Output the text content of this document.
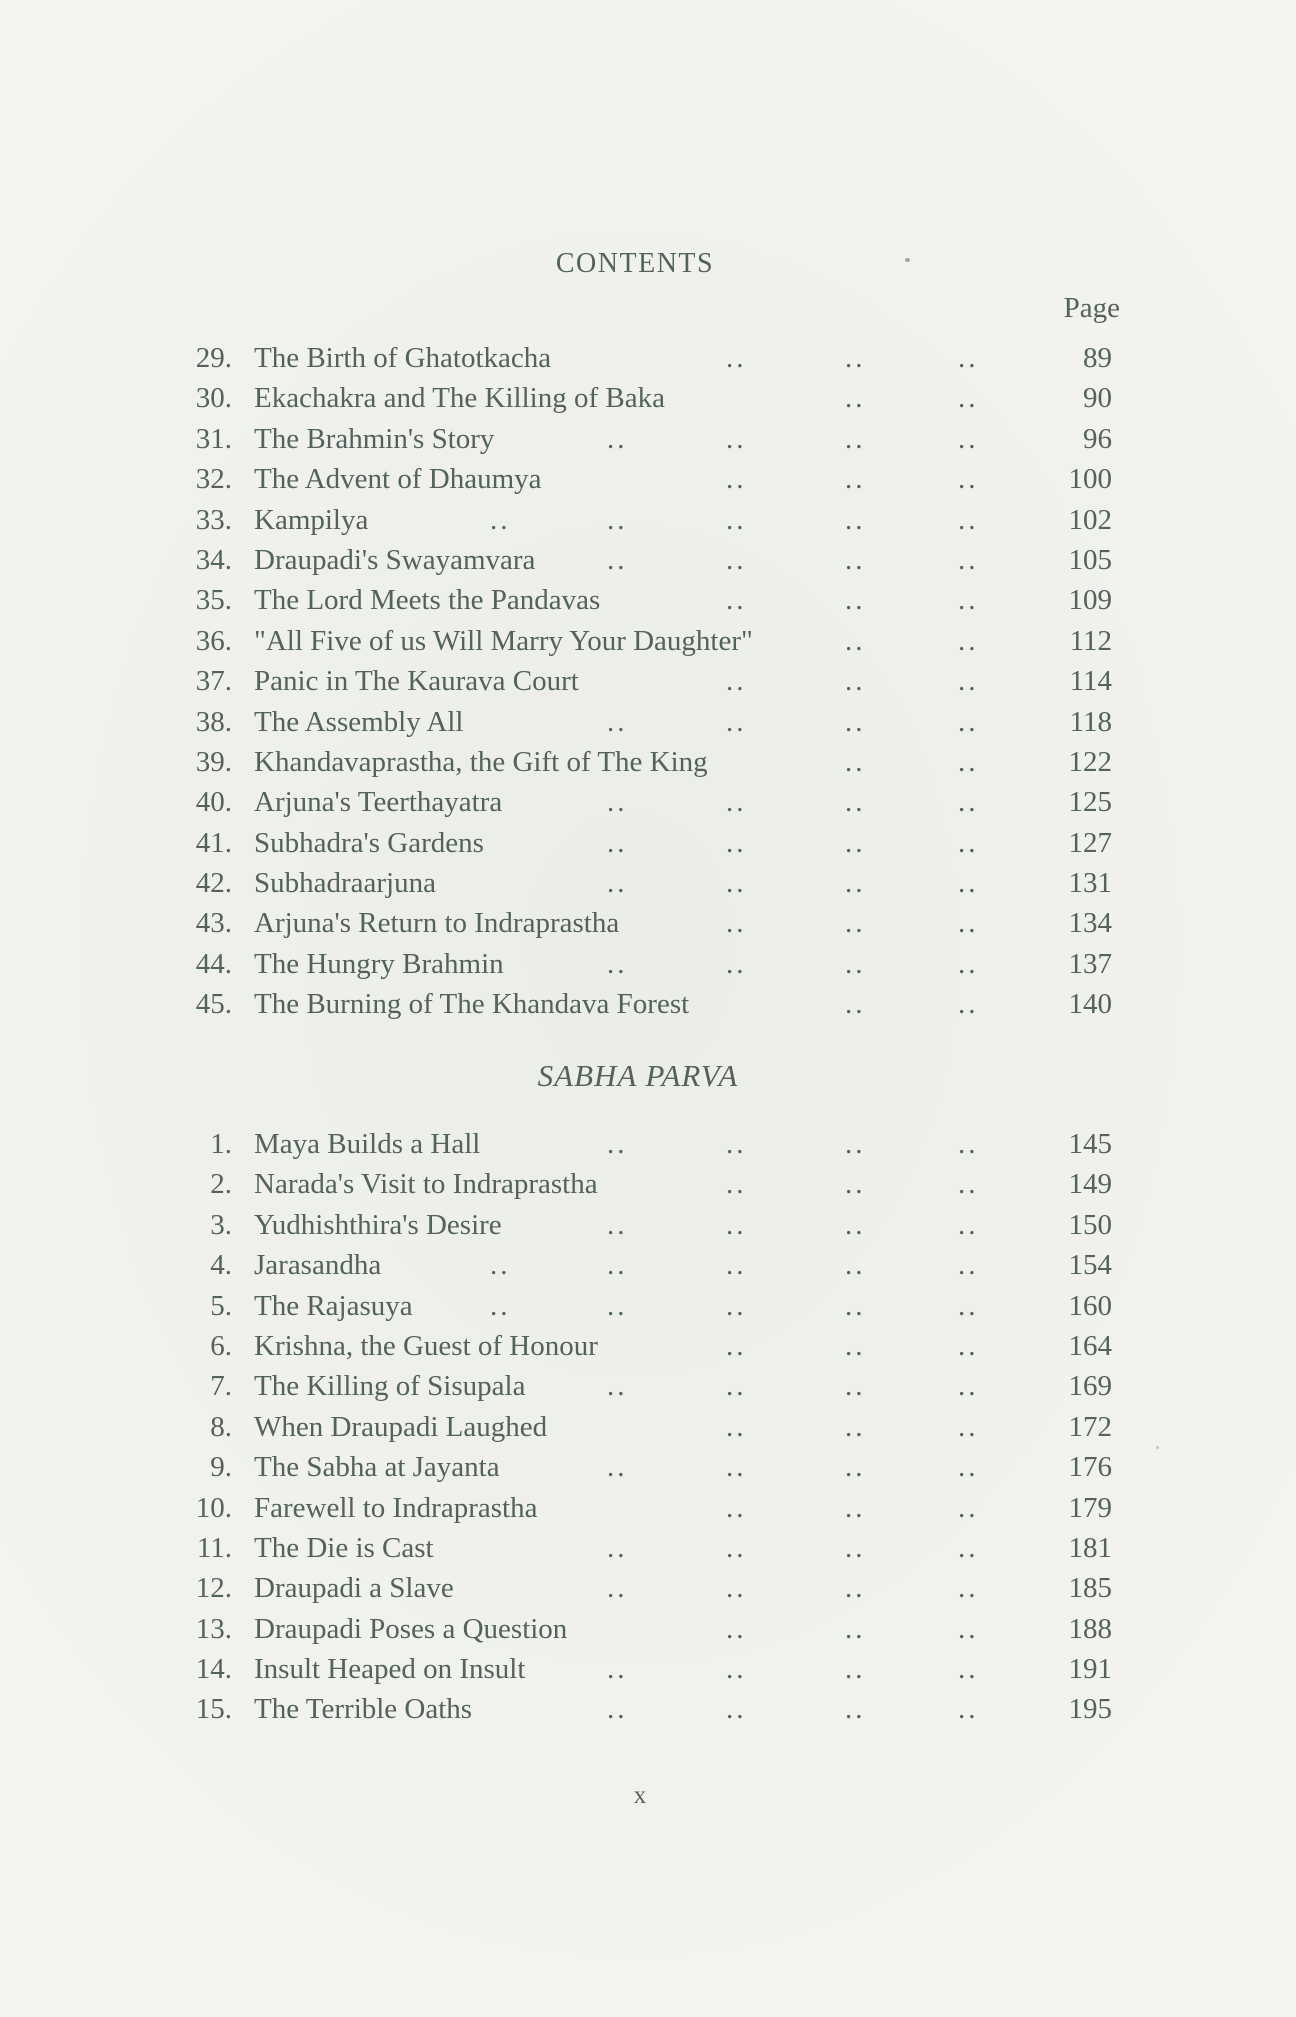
CONTENTS
Page
29. The Birth of Ghatotkacha	..	..	..	89
30. Ekachakra and The Killing of Baka	..	..	90
31. The Brahmin's Story	..	..	..	..	96
32. The Advent of Dhaumya	..	..	..	100
33. Kampilya	..	..	..	..	..	102
34. Draupadi's Swayamvara ..	..	..	..	105
35. The Lord Meets the Pandavas	..	..	..	109
36. "All Five of us Will Marry Your Daughter"	..	..	112
37. Panic in The Kaurava Court	..	..	..	114
38. The Assembly All	..	..	..	..	118
39. Khandavaprastha, the Gift of The King	..	..	122
40. Arjuna's Teerthayatra	..	..	..	..	125
41. Subhadra's Gardens	..	..	..	..	127
42. Subhadraarjuna	..	..	..	..	131
43. Arjuna's Return to Indraprastha	..	..	..	134
44. The Hungry Brahmin	..	..	..	..	137
45. The Burning of The Khandava Forest	..	..	140
SABHA PARVA
1. Maya Builds a Hall	..	..	..	..	145
2. Narada's Visit to Indraprastha	..	..	..	149
3. Yudhishthira's Desire	..	..	..	..	150
4. Jarasandha	..	..	..	..	..	154
5. The Rajasuya	..	..	..	..	..	160
6. Krishna, the Guest of Honour	..	..	..	164
7. The Killing of Sisupala	..	..	..	..	169
8. When Draupadi Laughed	..	..	..	172
9. The Sabha at Jayanta	..	..	..	..	176
10. Farewell to Indraprastha	..	..	..	179
11. The Die is Cast	..	..	..	..	181
12. Draupadi a Slave	..	..	..	..	185
13. Draupadi Poses a Question	..	..	..	188
14. Insult Heaped on Insult	..	..	..	..	191
15. The Terrible Oaths	..	..	..	..	195
x
